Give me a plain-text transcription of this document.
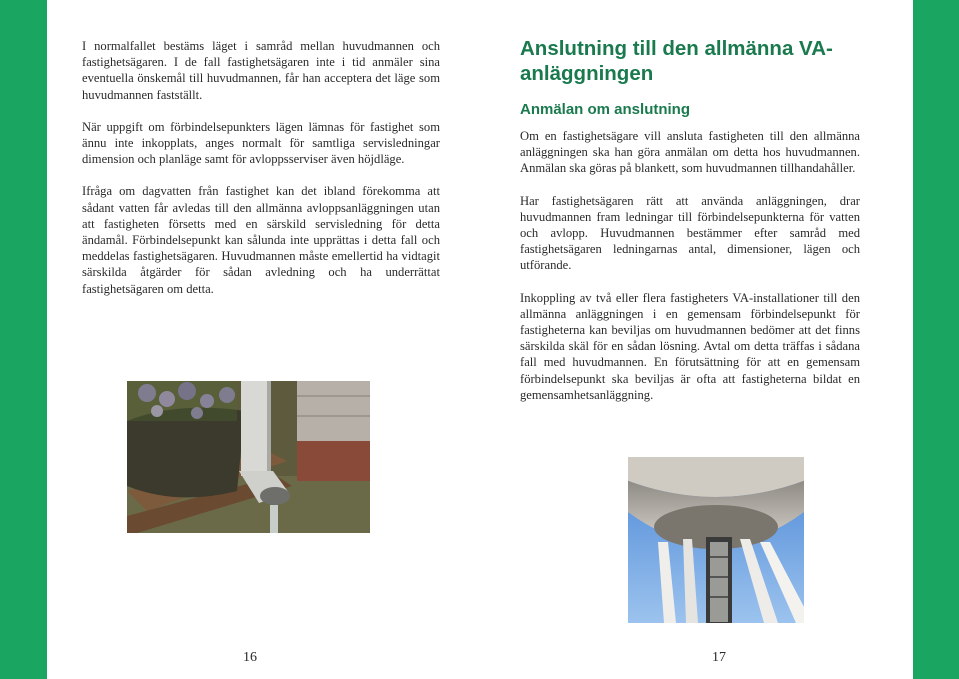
I normalfallet bestäms läget i samråd mellan huvudmannen och fastighetsägaren. I de fall fastighetsägaren inte i tid anmäler sina eventuella önskemål till huvudmannen, får han acceptera det läge som huvudmannen fastställt.

När uppgift om förbindelsepunkters lägen lämnas för fastighet som ännu inte inkopplats, anges normalt för samtliga servisledningar dimension och planläge samt för avloppsserviser även höjdläge.

Ifråga om dagvatten från fastighet kan det ibland förekomma att sådant vatten får avledas till den allmänna avloppsanläggningen utan att fastigheten försetts med en särskild servisledning för detta ändamål. Förbindelsepunkt kan sålunda inte upprättas i detta fall och meddelas fastighetsägaren. Huvudmannen måste emellertid ha vidtagit särskilda åtgärder för sådan avledning och ha underrättat fastighetsägaren om detta.

Anslutning till den allmänna VA-anläggningen
Anmälan om anslutning

Om en fastighetsägare vill ansluta fastigheten till den allmänna anläggningen ska han göra anmälan om detta hos huvudmannen. Anmälan ska göras på blankett, som huvudmannen tillhandahåller.

Har fastighetsägaren rätt att använda anläggningen, drar huvudmannen fram ledningar till förbindelsepunkterna för vatten och avlopp. Huvudmannen bestämmer efter samråd med fastighetsägaren ledningarnas antal, dimensioner, lägen och utförande.

Inkoppling av två eller flera fastigheters VA-installationer till den allmänna anläggningen i en gemensam förbindelsepunkt för fastigheterna kan beviljas om huvudmannen bedömer att det finns särskilda skäl för en sådan lösning. Avtal om detta träffas i sådana fall med huvudmannen. En förutsättning för att en gemensam förbindelsepunkt ska beviljas är ofta att fastigheterna bildat en gemensamhetsanläggning.

16	17
